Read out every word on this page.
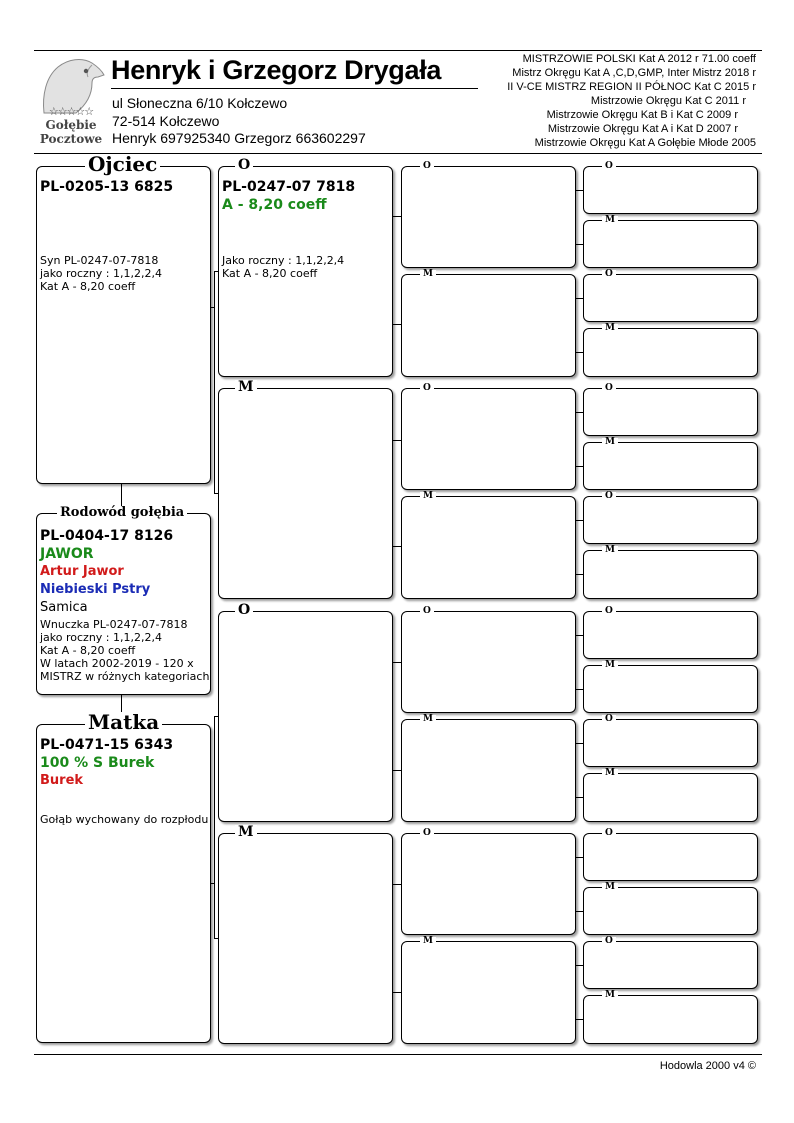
☆☆☆☆☆
Gołębie
Pocztowe
Henryk i Grzegorz Drygała
ul Słoneczna 6/10 Kołczewo
72-514 Kołczewo
Henryk 697925340 Grzegorz 663602297
MISTRZOWIE POLSKI Kat A 2012 r 71.00 coeff
Mistrz Okręgu Kat A ,C,D,GMP, Inter Mistrz 2018 r
II V-CE MISTRZ REGION II PÓŁNOC Kat C 2015 r
Mistrzowie Okręgu Kat C 2011 r
Mistrzowie Okręgu Kat B i Kat C 2009 r
Mistrzowie Okręgu Kat A i Kat D 2007 r
Mistrzowie Okręgu Kat A Gołębie Młode 2005
Ojciec
PL-0205-13 6825
Syn PL-0247-07-7818
jako roczny : 1,1,2,2,4
Kat A - 8,20 coeff
Rodowód gołębia
PL-0404-17 8126
JAWOR
Artur Jawor
Niebieski Pstry
Samica
Wnuczka PL-0247-07-7818
jako roczny : 1,1,2,2,4
Kat A - 8,20 coeff
W latach 2002-2019 - 120 x
MISTRZ w różnych kategoriach
Matka
PL-0471-15 6343
100 % S Burek
Burek
Gołąb wychowany do rozpłodu
O
PL-0247-07 7818
A - 8,20 coeff
Jako roczny : 1,1,2,2,4
Kat A - 8,20 coeff
M
O
M
O
M
O
M
O
M
O
M
O
M
O
M
O
M
O
M
O
M
O
M
O
M
O
M
Hodowla 2000 v4 ©
